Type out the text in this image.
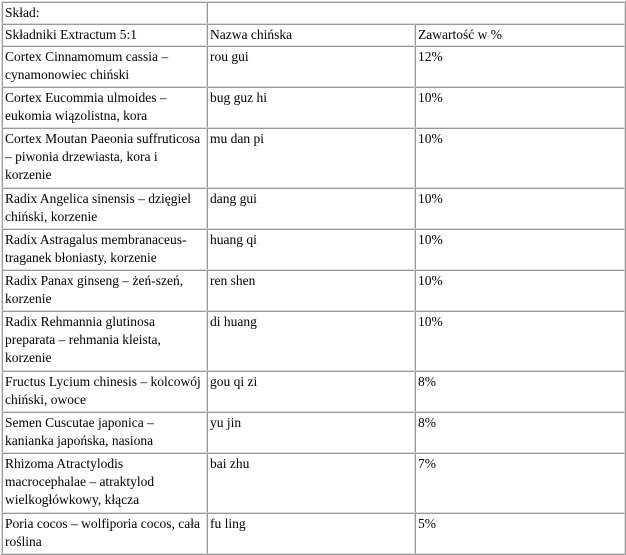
Skład:		
Składniki Extractum 5:1	Nazwa chińska	Zawartość w %
Cortex Cinnamomum cassia – cynamonowiec chiński	rou gui	12%
Cortex Eucommia ulmoides – eukomia wiązolistna, kora	bug guz hi	10%
Cortex Moutan Paeonia suffruticosa – piwonia drzewiasta, kora i korzenie	mu dan pi	10%
Radix Angelica sinensis – dzięgiel chiński, korzenie	dang gui	10%
Radix Astragalus membranaceus- traganek błoniasty, korzenie	huang qi	10%
Radix Panax ginseng – żeń-szeń, korzenie	ren shen	10%
Radix Rehmannia glutinosa preparata – rehmania kleista, korzenie	di huang	10%
Fructus Lycium chinesis – kolcowój chiński, owoce	gou qi zi	8%
Semen Cuscutae japonica – kanianka japońska, nasiona	yu jin	8%
Rhizoma Atractylodis macrocephalae – atraktylod wielkogłówkowy, kłącza	bai zhu	7%
Poria cocos – wolfiporia cocos, cała roślina	fu ling	5%
